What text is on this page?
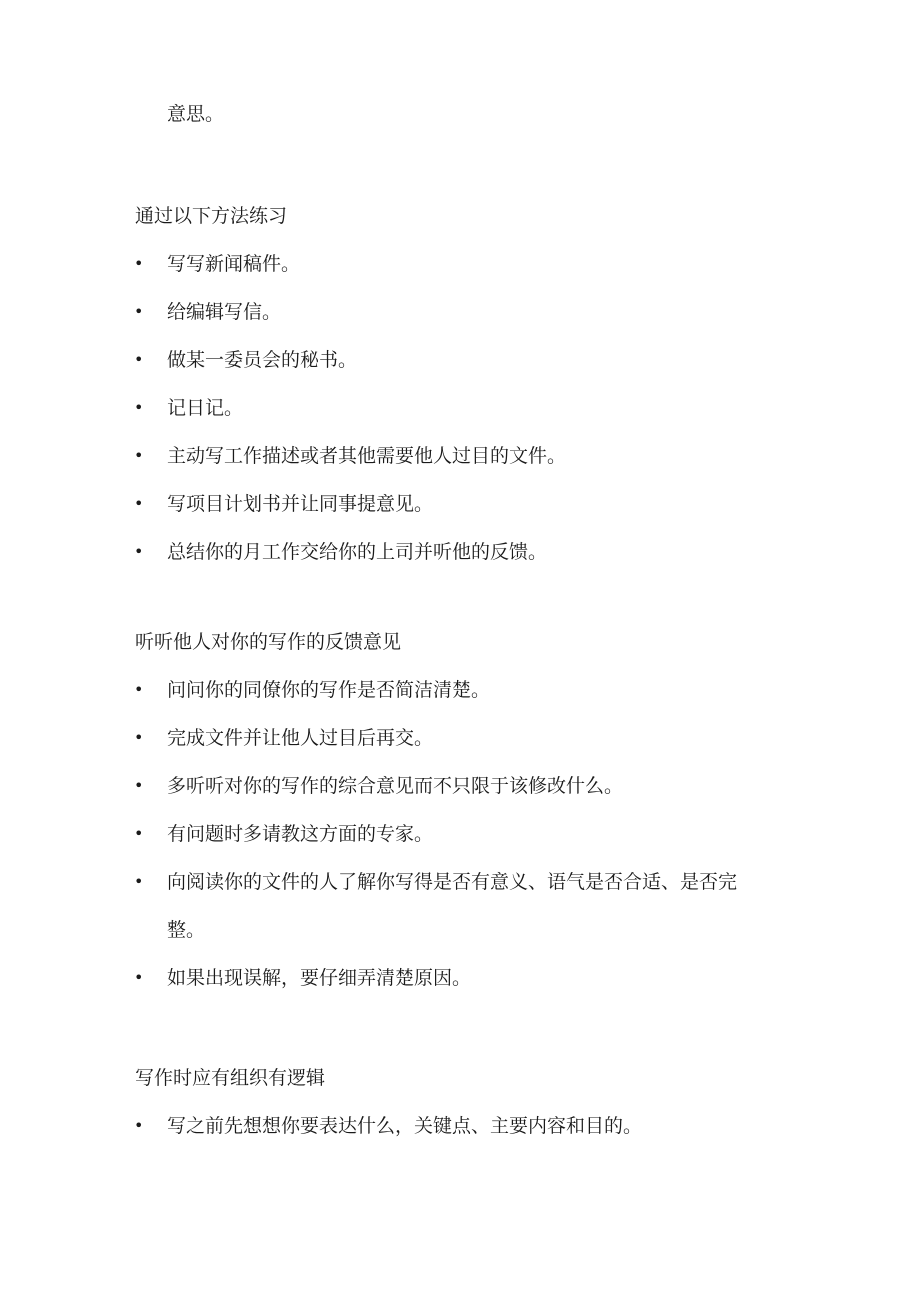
意思。
通过以下方法练习
• 写写新闻稿件。
• 给编辑写信。
• 做某一委员会的秘书。
• 记日记。
• 主动写工作描述或者其他需要他人过目的文件。
• 写项目计划书并让同事提意见。
• 总结你的月工作交给你的上司并听他的反馈。
听听他人对你的写作的反馈意见
• 问问你的同僚你的写作是否简洁清楚。
• 完成文件并让他人过目后再交。
• 多听听对你的写作的综合意见而不只限于该修改什么。
• 有问题时多请教这方面的专家。
• 向阅读你的文件的人了解你写得是否有意义、语气是否合适、是否完整。
• 如果出现误解，要仔细弄清楚原因。
写作时应有组织有逻辑
• 写之前先想想你要表达什么，关键点、主要内容和目的。
